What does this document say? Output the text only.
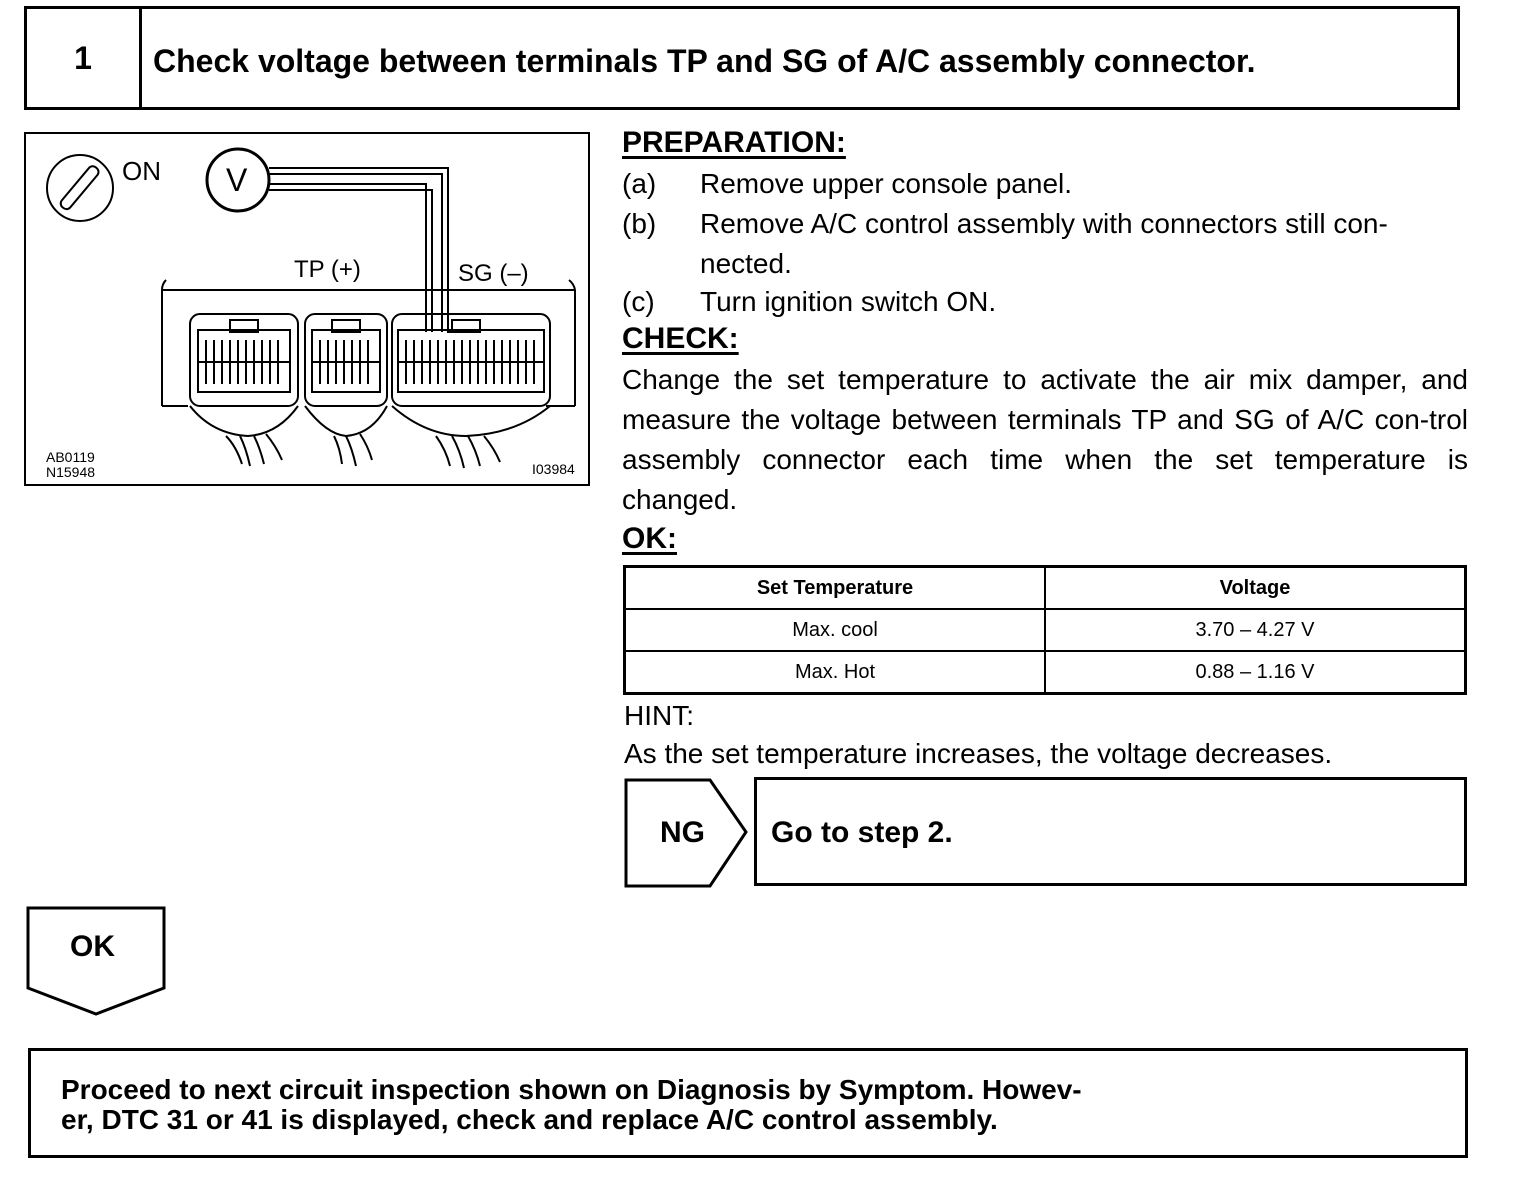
1	Check voltage between terminals TP and SG of A/C assembly connector.
ON V
TP (+)	SG (–)
AB0119
N15948	I03984
PREPARATION:
(a) Remove upper console panel.
(b) Remove A/C control assembly with connectors still con-
nected.
(c) Turn ignition switch ON.
CHECK:
Change the set temperature to activate the air mix damper, and measure the voltage between terminals TP and SG of A/C con-trol assembly connector each time when the set temperature is changed.
OK:
Set Temperature	Voltage
Max. cool	3.70 – 4.27 V
Max. Hot	0.88 – 1.16 V
HINT:
As the set temperature increases, the voltage decreases.
NG Go to step 2.
OK
Proceed to next circuit inspection shown on Diagnosis by Symptom. Howev-
er, DTC 31 or 41 is displayed, check and replace A/C control assembly.
